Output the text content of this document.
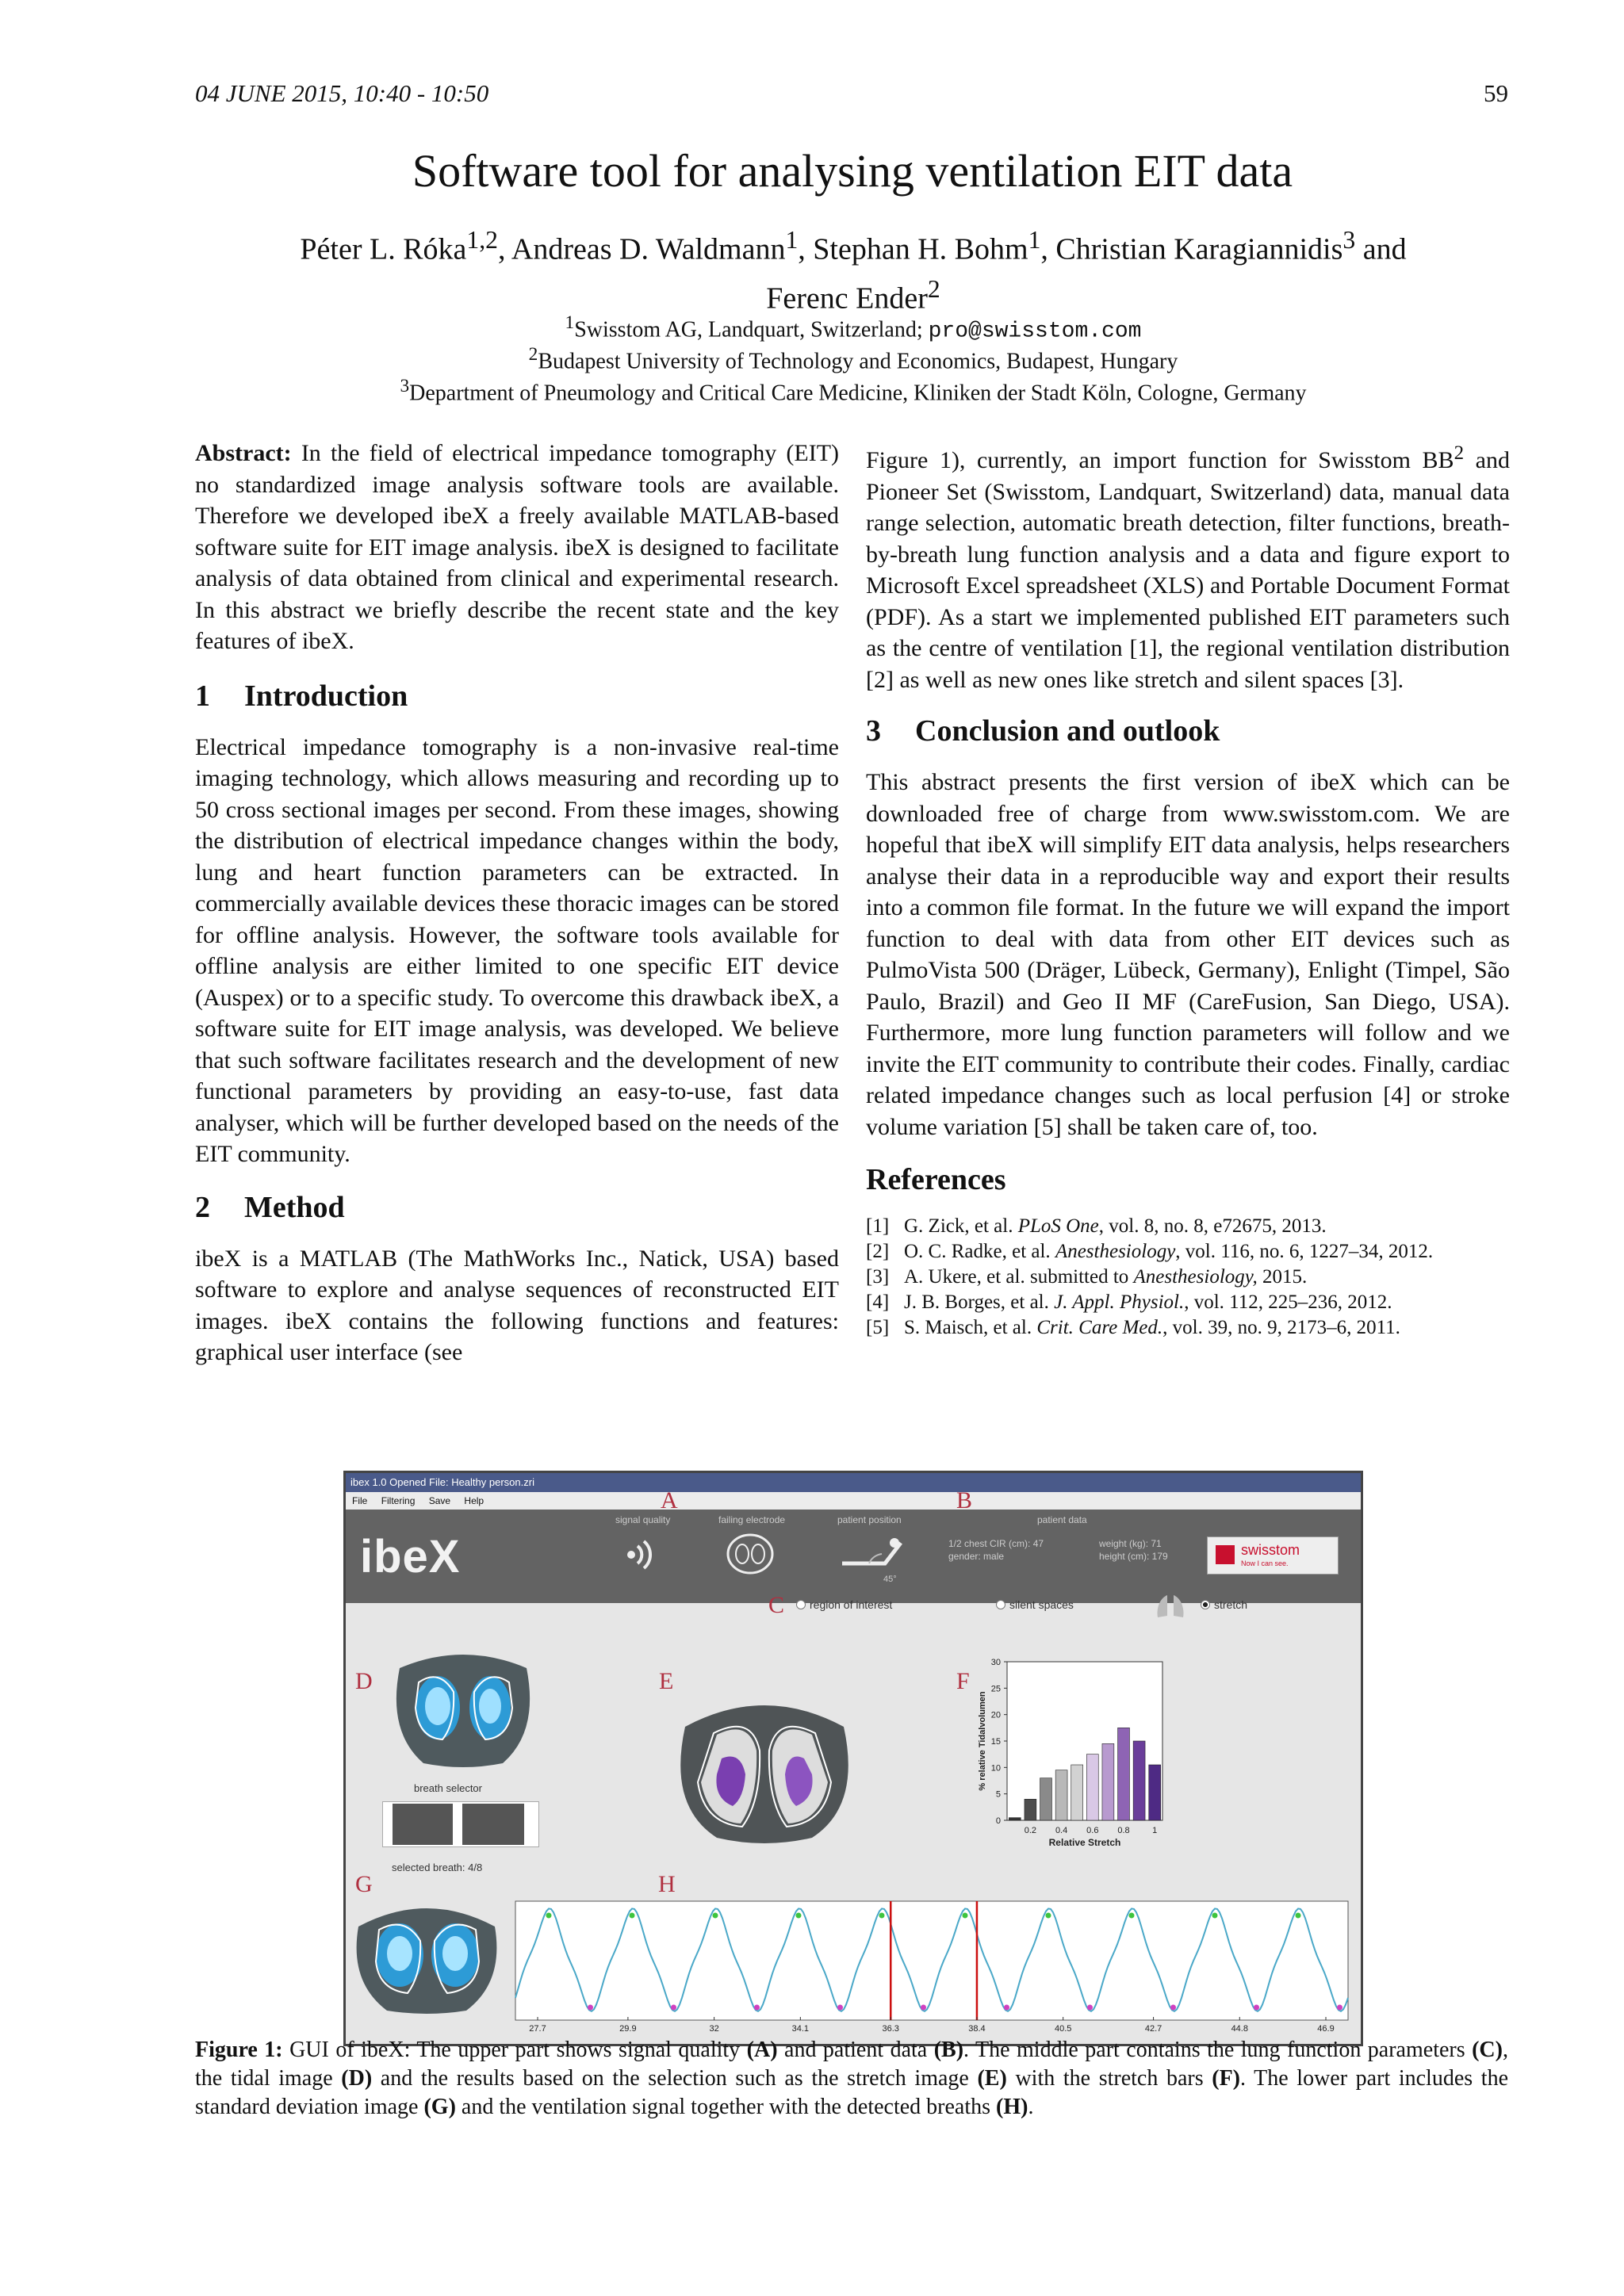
04 JUNE 2015, 10:40 - 10:50	59
Software tool for analysing ventilation EIT data
Péter L. Róka$^{1,2}$, Andreas D. Waldmann$^1$, Stephan H. Bohm$^1$, Christian Karagiannidis$^3$ and
Ferenc Ender$^2$
$^1$Swisstom AG, Landquart, Switzerland; pro@swisstom.com
$^2$Budapest University of Technology and Economics, Budapest, Hungary
$^3$Department of Pneumology and Critical Care Medicine, Kliniken der Stadt Köln, Cologne, Germany

Abstract: In the field of electrical impedance tomography (EIT) no standardized image analysis software tools are available. Therefore we developed ibeX a freely available MATLAB-based software suite for EIT image analysis. ibeX is designed to facilitate analysis of data obtained from clinical and experimental research. In this abstract we briefly describe the recent state and the key features of ibeX.

1 Introduction

Electrical impedance tomography is a non-invasive real-time imaging technology, which allows measuring and recording up to 50 cross sectional images per second. From these images, showing the distribution of electrical impedance changes within the body, lung and heart function parameters can be extracted. In commercially available devices these thoracic images can be stored for offline analysis. However, the software tools available for offline analysis are either limited to one specific EIT device (Auspex) or to a specific study. To overcome this drawback ibeX, a software suite for EIT image analysis, was developed. We believe that such software facilitates research and the development of new functional parameters by providing an easy-to-use, fast data analyser, which will be further developed based on the needs of the EIT community.

2 Method

ibeX is a MATLAB (The MathWorks Inc., Natick, USA) based software to explore and analyse sequences of reconstructed EIT images. ibeX contains the following functions and features: graphical user interface (see

Figure 1), currently, an import function for Swisstom $BB^2$ and Pioneer Set (Swisstom, Landquart, Switzerland) data, manual data range selection, automatic breath detection, filter functions, breath-by-breath lung function analysis and a data and figure export to Microsoft Excel spreadsheet (XLS) and Portable Document Format (PDF). As a start we implemented published EIT parameters such as the centre of ventilation [1], the regional ventilation distribution [2] as well as new ones like stretch and silent spaces [3].

3 Conclusion and outlook

This abstract presents the first version of ibeX which can be downloaded free of charge from www.swisstom.com. We are hopeful that ibeX will simplify EIT data analysis, helps researchers analyse their data in a reproducible way and export their results into a common file format. In the future we will expand the import function to deal with data from other EIT devices such as PulmoVista 500 (Dräger, Lübeck, Germany), Enlight (Timpel, São Paulo, Brazil) and Geo II MF (CareFusion, San Diego, USA). Furthermore, more lung function parameters will follow and we invite the EIT community to contribute their codes. Finally, cardiac related impedance changes such as local perfusion [4] or stroke volume variation [5] shall be taken care of, too.

References
[1] G. Zick, et al. PLoS One, vol. 8, no. 8, e72675, 2013.
[2] O. C. Radke, et al. Anesthesiology, vol. 116, no. 6, 1227–34, 2012.
[3] A. Ukere, et al. submitted to Anesthesiology, 2015.
[4] J. B. Borges, et al. J. Appl. Physiol., vol. 112, 225–236, 2012.
[5] S. Maisch, et al. Crit. Care Med., vol. 39, no. 9, 2173–6, 2011.
ibex 1.0 Opened File: Healthy person.zri
File Filtering Save Help
ibeX
signal quality	failing electrode	patient position	patient data
45°
1/2 chest CIR (cm): 47
gender: male
weight (kg): 71
height (cm): 179	swisstom
Now I can see.
A	B
C	region of interest	silent spaces	stretch
D
breath selector
selected breath: 4/8
E	F
0
5
10
15
20
25
30
0.2 0.4 0.6 0.8	1
Relative Stretch
% relative Tidalvolumen
G	H
27.7	29.9	32	34.1	36.3	38.4	40.5	42.7	44.8	46.9
Figure 1: GUI of ibeX: The upper part shows signal quality (A) and patient data (B). The middle part contains the lung function parameters (C), the tidal image (D) and the results based on the selection such as the stretch image (E) with the stretch bars (F). The lower part includes the standard deviation image (G) and the ventilation signal together with the detected breaths (H).
